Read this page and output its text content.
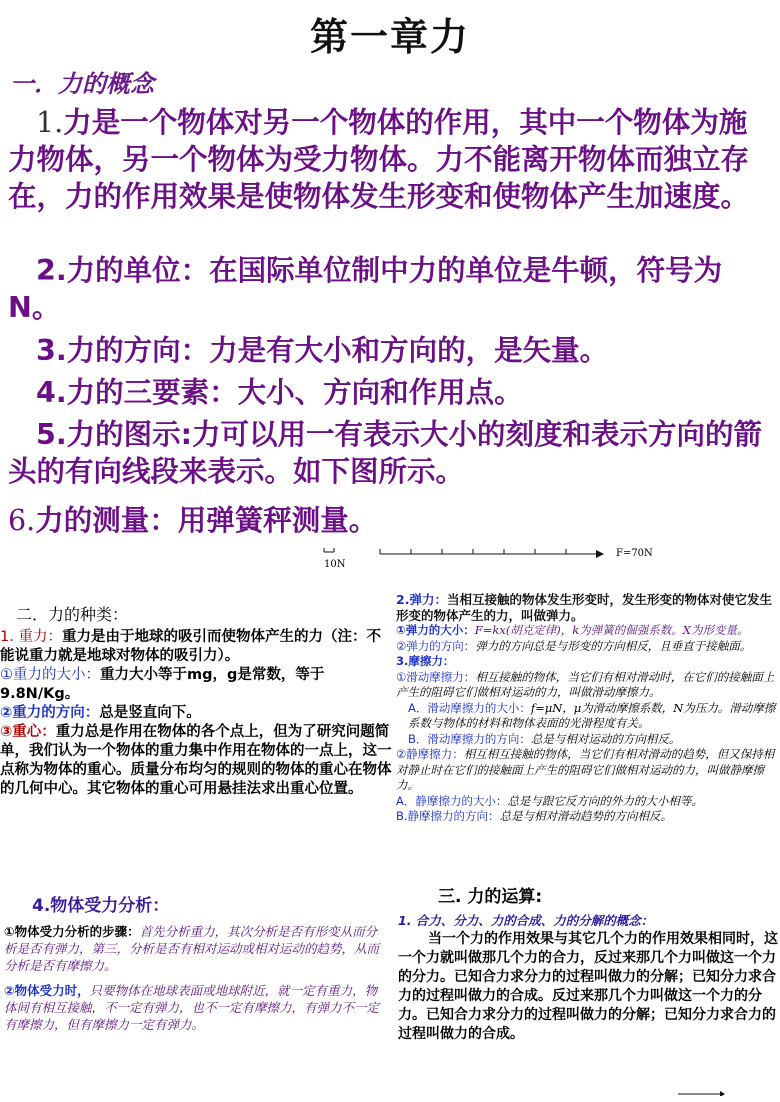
第一章力
一．力的概念

1.力是一个物体对另一个物体的作用，其中一个物体为施力物体，另一个物体为受力物体。力不能离开物体而独立存在，力的作用效果是使物体发生形变和使物体产生加速度。

2.力的单位：在国际单位制中力的单位是牛顿，符号为N。

3.力的方向：力是有大小和方向的，是矢量。

4.力的三要素：大小、方向和作用点。

5.力的图示:力可以用一有表示大小的刻度和表示方向的箭头的有向线段来表示。如下图所示。

6.力的测量：用弹簧秤测量。

10N
F=70N
二．力的种类：
1. 重力：重力是由于地球的吸引而使物体产生的力（注：不能说重力就是地球对物体的吸引力）。
①重力的大小：重力大小等于mg，g是常数，等于9.8N/Kg。
②重力的方向：总是竖直向下。
③重心：重力总是作用在物体的各个点上，但为了研究问题简单，我们认为一个物体的重力集中作用在物体的一点上，这一点称为物体的重心。质量分布均匀的规则的物体的重心在物体的几何中心。其它物体的重心可用悬挂法求出重心位置。
2.弹力：当相互接触的物体发生形变时，发生形变的物体对使它发生形变的物体产生的力，叫做弹力。
①弹力的大小：F=kx(胡克定律)，k为弹簧的倔强系数。X为形变量。
②弹力的方向：弹力的方向总是与形变的方向相反，且垂直于接触面。
3.摩擦力：
①滑动摩擦力：相互接触的物体，当它们有相对滑动时，在它们的接触面上产生的阻碍它们做相对运动的力，叫做滑动摩擦力。
A．滑动摩擦力的大小：f=μN，μ为滑动摩擦系数，N为压力。滑动摩擦系数与物体的材料和物体表面的光滑程度有关。
B．滑动摩擦力的方向：总是与相对运动的方向相反。
②静摩擦力：相互相互接触的物体，当它们有相对滑动的趋势，但又保持相对静止时在它们的接触面上产生的阻碍它们做相对运动的力，叫做静摩擦力。
A．静摩擦力的大小：总是与跟它反方向的外力的大小相等。
B.静摩擦力的方向：总是与相对滑动趋势的方向相反。
4.物体受力分析：
①物体受力分析的步骤：首先分析重力，其次分析是否有形变从而分析是否有弹力，第三，分析是否有相对运动或相对运动的趋势，从而分析是否有摩擦力。
②物体受力时，只要物体在地球表面或地球附近，就一定有重力，物体间有相互接触，不一定有弹力，也不一定有摩擦力，有弹力不一定有摩擦力，但有摩擦力一定有弹力。
三. 力的运算:
1. 合力、分力、力的合成、力的分解的概念：
当一个力的作用效果与其它几个力的作用效果相同时，这一个力就叫做那几个力的合力，反过来那几个力叫做这一个力的分力。已知合力求分力的过程叫做力的分解；已知分力求合力的过程叫做力的合成。反过来那几个力叫做这一个力的分力。已知合力求分力的过程叫做力的分解；已知分力求合力的过程叫做力的合成。
